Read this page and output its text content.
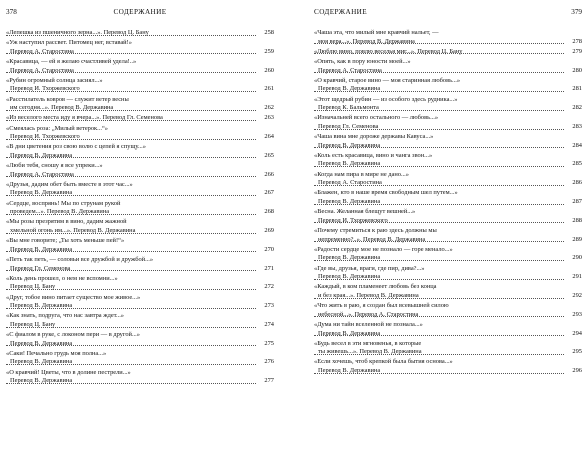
378	СОДЕРЖАНИЕ
«Лепешка из пшеничного зерна...». Перевод Ц. Бану	258
«Уж наступил рассвет. Питомец нег, вставай!»
Перевод А. Старостина	259
«Красавица, — ей я желаю счастливей удела!..»
Перевод А. Старостина	260
«Рубин огромный солнца засиял...»
Перевод И. Тхоржевского	261
«Расстилатель ковров — служит ветер весны
им сегодня...». Перевод В. Державина	262
«Из веселого места иду я вчера...». Перевод Гл. Семенова	263
«Смеялась роза: „Милый ветерок...“»
Перевод И. Тхоржевского	264
«В дни цветения роз свою волю с цепей я спущу...»
Перевод В. Державина	265
«Люби тебя, сношу я все упреки...»
Перевод А. Старостина	266
«Друзья, дадим обет быть вместе в этот час...»
Перевод В. Державина	267
«Сердце, воспрянь! Мы по струнам рукой
проведем...». Перевод В. Державина	268
«Мы розы презрятим в вино, дадим жажной
хмельной огонь им...». Перевод В. Державина	269
«Вы мне говорите; „Ты хоть меньше пей!“»
Перевод В. Державина	270
«Петь так петь, — соловьи все дружбой и дружбой...»
Перевод Гл. Семенова	271
«Коль день прошел, о нем не вспомни...»
Перевод Ц. Бану	272
«Друг, тобое вино питает существо мое живое...»
Перевод В. Державина	273
«Как знать, подруга, что нас завтра ждет...»
Перевод Ц. Бану	274
«С фиалом в руке, с локоном пери — в другой...»
Перевод В. Державина	275
«Саки! Печально грудь моя полна...»
Перевод В. Державина	276
«О кравчий! Цветы, что в долине пестрели...»
Перевод В. Державина	277
СОДЕРЖАНИЕ	379
«Чаша эта, что милый мне кравчий нальет, —
моя вера...». Перевод В. Державина	278
«Люблю вино, повлю веселья миг...». Перевод Ц. Бану	279
«Опять, как в пору юности моей...»
Перевод А. Старостина	280
«О кравчий, старое вино — моя старинная любовь...»
Перевод В. Державина	281
«Этот щедрый рубин — из особого здесь рудника...»
Перевод К. Бальмонта	282
«Изначальней всего остального — любовь...»
Перевод Гл. Семенова	283
«Чаша вина мне дороже державы Кавуса...»
Перевод В. Державина	284
«Коль есть красавица, вино и чанга звон...»
Перевод В. Державина	285
«Когда нам пира в мире не дано...»
Перевод А. Старостина	286
«Блажен, кто в наше время свободным шел путем...»
Перевод В. Державина	287
«Весна. Желанная блещут вешней...»
Перевод И. Тхоржевского	288
«Почему стремиться к раю здесь должны мы
непременно?..». Перевод В. Державина	289
«Радости сердце мое не познало — горе менало...»
Перевод В. Державина	290
«Где вы, друзья, враги, где пир, дива?...»
Перевод В. Державина	291
«Каждый, в ком пламенеет любовь без конца
и без края...». Перевод В. Державина	292
«Что жить в раю, я создан был всевышней силою
небесной...». Перевод А. Старостина	293
«Дума ни тайн вселенной не познала...»
Перевод В. Державина	294
«Будь весел в эти мгновенья, в которые
ты живешь...». Перевод В. Державина	295
«Если хочешь, чтоб крепкой была бытия основа...»
Перевод В. Державина	296
